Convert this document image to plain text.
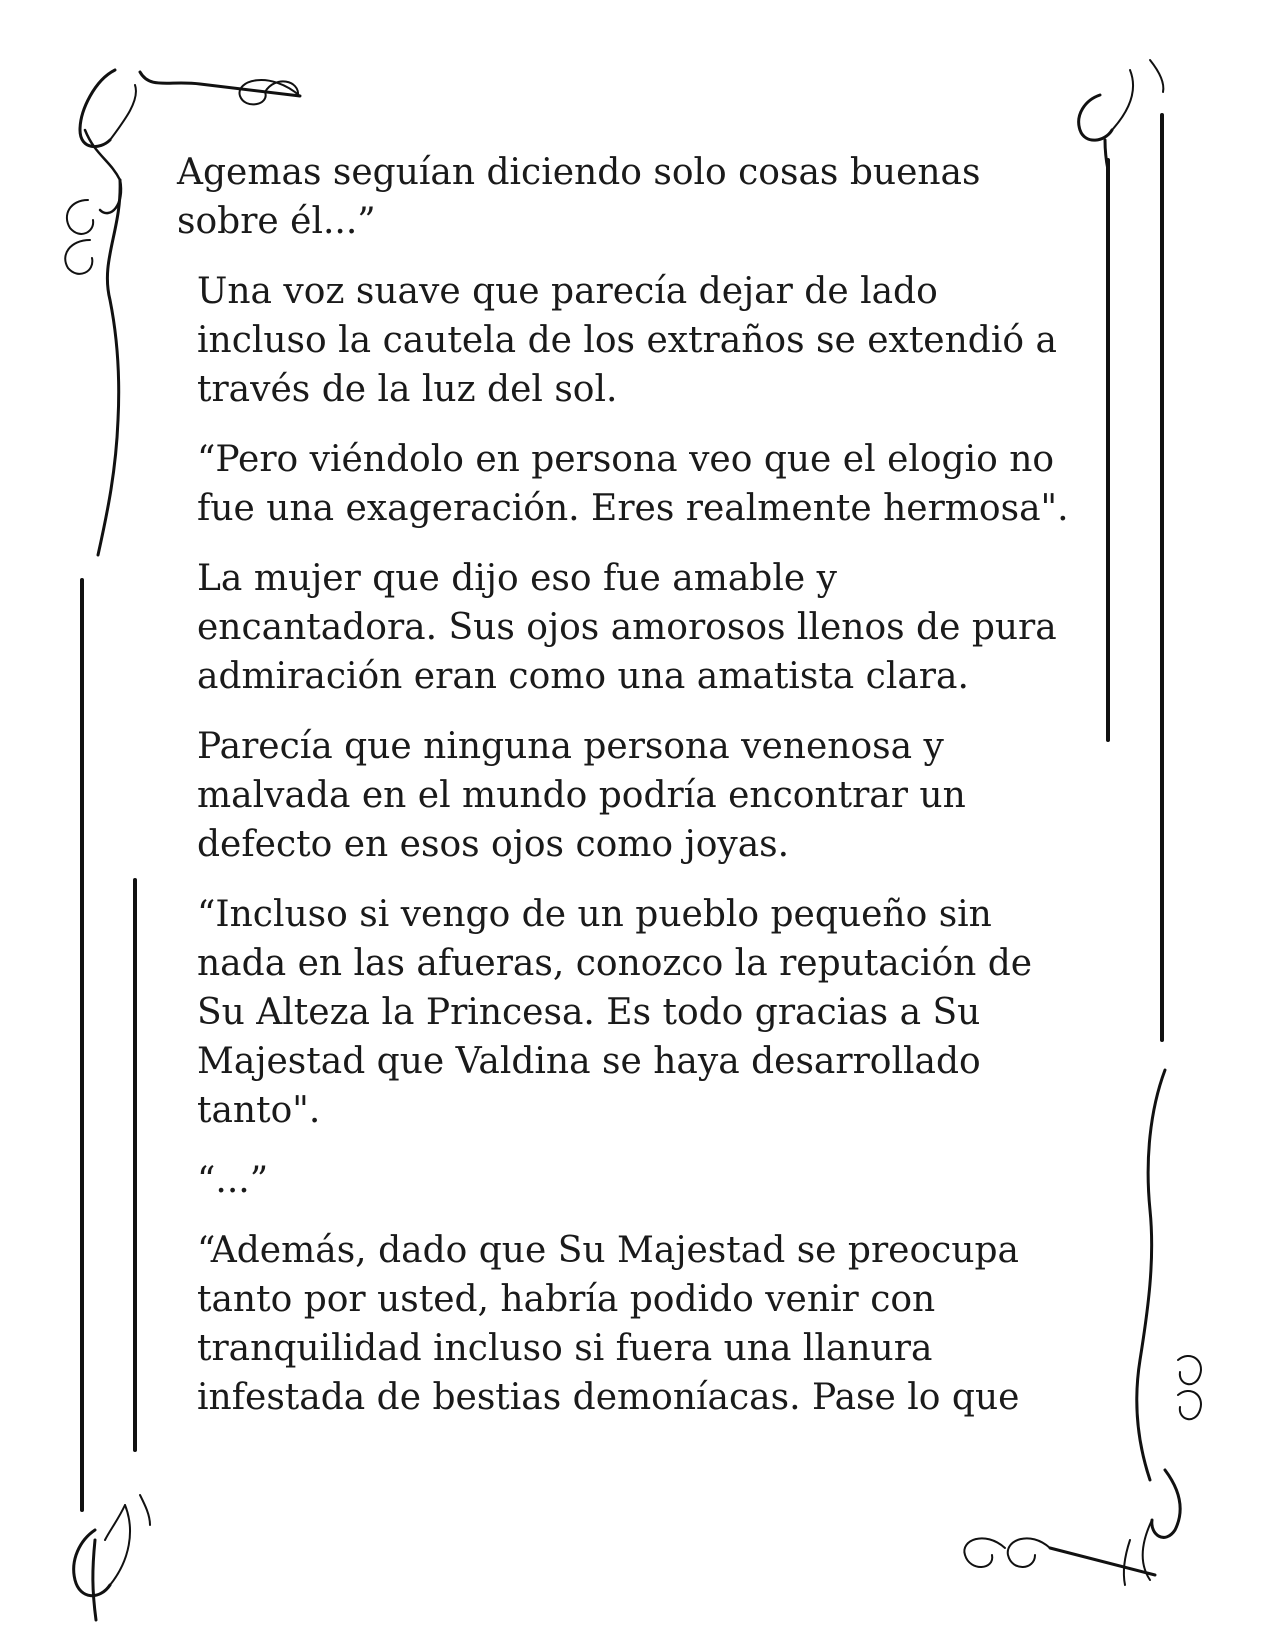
Agemas seguían diciendo solo cosas buenas
sobre él...”

Una voz suave que parecía dejar de lado
incluso la cautela de los extraños se extendió a
través de la luz del sol.

“Pero viéndolo en persona veo que el elogio no
fue una exageración. Eres realmente hermosa".

La mujer que dijo eso fue amable y
encantadora. Sus ojos amorosos llenos de pura
admiración eran como una amatista clara.

Parecía que ninguna persona venenosa y
malvada en el mundo podría encontrar un
defecto en esos ojos como joyas.

“Incluso si vengo de un pueblo pequeño sin
nada en las afueras, conozco la reputación de
Su Alteza la Princesa. Es todo gracias a Su
Majestad que Valdina se haya desarrollado
tanto".

“...”

“Además, dado que Su Majestad se preocupa
tanto por usted, habría podido venir con
tranquilidad incluso si fuera una llanura
infestada de bestias demoníacas. Pase lo que
